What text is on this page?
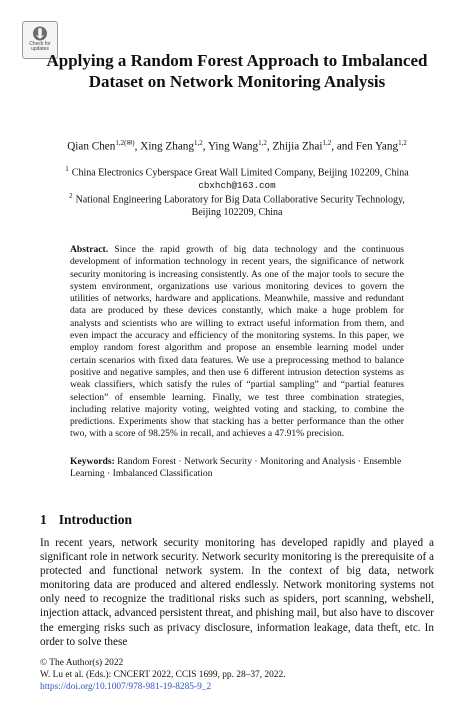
Check for updates
Applying a Random Forest Approach to Imbalanced Dataset on Network Monitoring Analysis
Qian Chen$^{1,2(✉)}$, Xing Zhang$^{1,2}$, Ying Wang$^{1,2}$, Zhijia Zhai$^{1,2}$, and Fen Yang$^{1,2}$
$^1$ China Electronics Cyberspace Great Wall Limited Company, Beijing 102209, China
cbxhch@163.com
$^2$ National Engineering Laboratory for Big Data Collaborative Security Technology,
Beijing 102209, China
Abstract. Since the rapid growth of big data technology and the continuous development of information technology in recent years, the significance of network security monitoring is increasing consistently. As one of the major tools to secure the system environment, organizations use various monitoring devices to govern the utilities of networks, hardware and applications. Meanwhile, massive and redundant data are produced by these devices constantly, which make a huge problem for analysts and scientists who are willing to extract useful information from them, and even impact the accuracy and efficiency of the monitoring systems. In this paper, we employ random forest algorithm and propose an ensemble learning model under certain scenarios with fixed data features. We use a preprocessing method to balance positive and negative samples, and then use 6 different intrusion detection systems as weak classifiers, which satisfy the rules of “partial sampling” and “partial features selection” of ensemble learning. Finally, we test three combination strategies, including relative majority voting, weighted voting and stacking, to combine the predictions. Experiments show that stacking has a better performance than the other two, with a score of 98.25% in recall, and achieves a 47.91% precision.
Keywords: Random Forest · Network Security · Monitoring and Analysis · Ensemble Learning · Imbalanced Classification
1 Introduction
In recent years, network security monitoring has developed rapidly and played a significant role in network security. Network security monitoring is the prerequisite of a protected and functional network system. In the context of big data, network monitoring data are produced and altered endlessly. Network monitoring systems not only need to recognize the traditional risks such as spiders, port scanning, webshell, injection attack, advanced persistent threat, and phishing mail, but also have to discover the emerging risks such as privacy disclosure, information leakage, data theft, etc. In order to solve these
© The Author(s) 2022
W. Lu et al. (Eds.): CNCERT 2022, CCIS 1699, pp. 28–37, 2022.
https://doi.org/10.1007/978-981-19-8285-9_2
